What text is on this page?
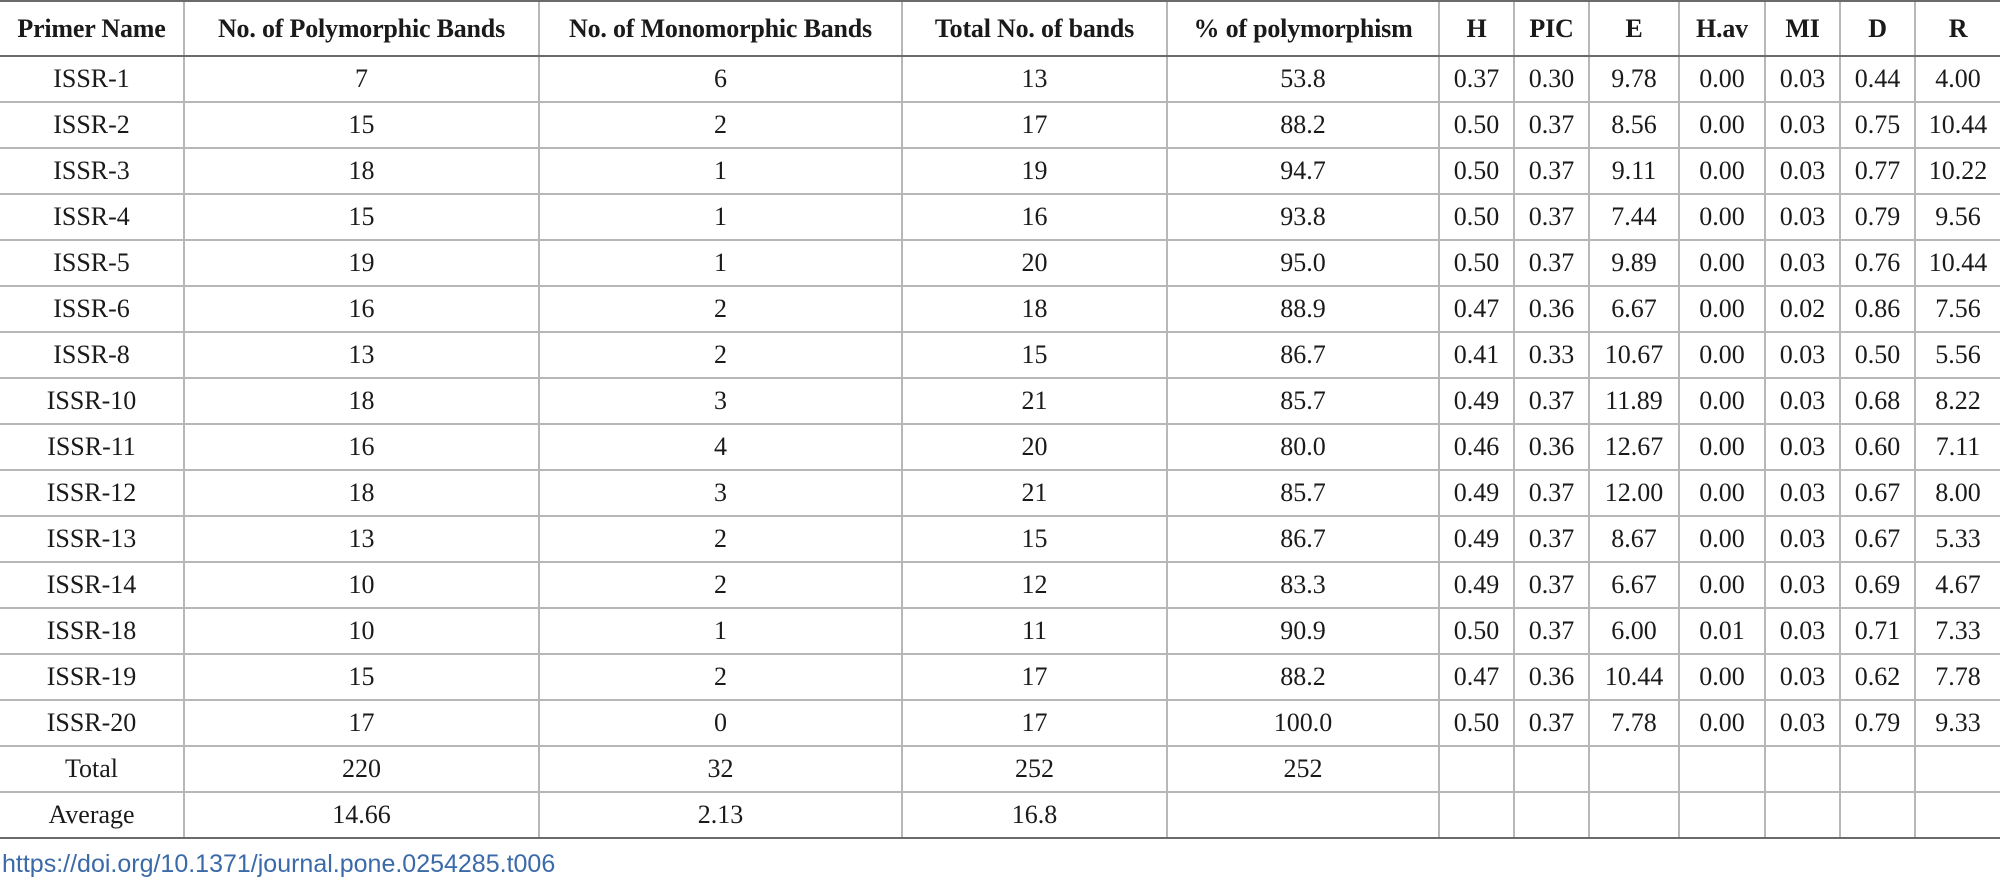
Primer Name	No. of Polymorphic Bands	No. of Monomorphic Bands	Total No. of bands	% of polymorphism	H	PIC	E	H.av	MI	D	R
ISSR-1	7	6	13	53.8	0.37	0.30	9.78	0.00	0.03	0.44	4.00
ISSR-2	15	2	17	88.2	0.50	0.37	8.56	0.00	0.03	0.75	10.44
ISSR-3	18	1	19	94.7	0.50	0.37	9.11	0.00	0.03	0.77	10.22
ISSR-4	15	1	16	93.8	0.50	0.37	7.44	0.00	0.03	0.79	9.56
ISSR-5	19	1	20	95.0	0.50	0.37	9.89	0.00	0.03	0.76	10.44
ISSR-6	16	2	18	88.9	0.47	0.36	6.67	0.00	0.02	0.86	7.56
ISSR-8	13	2	15	86.7	0.41	0.33	10.67	0.00	0.03	0.50	5.56
ISSR-10	18	3	21	85.7	0.49	0.37	11.89	0.00	0.03	0.68	8.22
ISSR-11	16	4	20	80.0	0.46	0.36	12.67	0.00	0.03	0.60	7.11
ISSR-12	18	3	21	85.7	0.49	0.37	12.00	0.00	0.03	0.67	8.00
ISSR-13	13	2	15	86.7	0.49	0.37	8.67	0.00	0.03	0.67	5.33
ISSR-14	10	2	12	83.3	0.49	0.37	6.67	0.00	0.03	0.69	4.67
ISSR-18	10	1	11	90.9	0.50	0.37	6.00	0.01	0.03	0.71	7.33
ISSR-19	15	2	17	88.2	0.47	0.36	10.44	0.00	0.03	0.62	7.78
ISSR-20	17	0	17	100.0	0.50	0.37	7.78	0.00	0.03	0.79	9.33
Total	220	32	252	252							
Average	14.66	2.13	16.8								
https://doi.org/10.1371/journal.pone.0254285.t006
